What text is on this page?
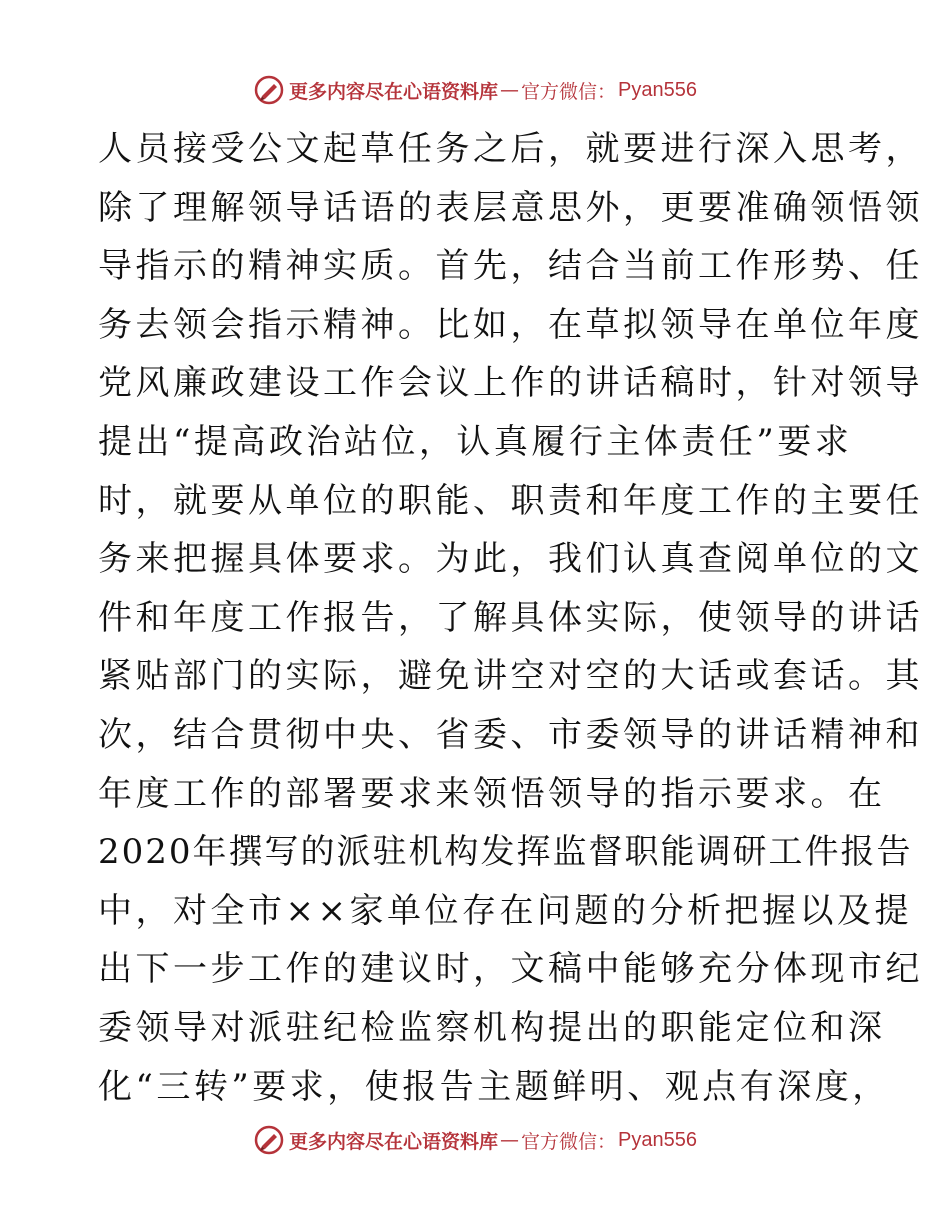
更多内容尽在心语资料库 — 官方微信： Pyan556
人员接受公文起草任务之后，就要进行深入思考，
除了理解领导话语的表层意思外，更要准确领悟领
导指示的精神实质。首先，结合当前工作形势、任
务去领会指示精神。比如，在草拟领导在单位年度
党风廉政建设工作会议上作的讲话稿时，针对领导
提出“提高政治站位，认真履行主体责任”要求
时，就要从单位的职能、职责和年度工作的主要任
务来把握具体要求。为此，我们认真查阅单位的文
件和年度工作报告，了解具体实际，使领导的讲话
紧贴部门的实际，避免讲空对空的大话或套话。其
次，结合贯彻中央、省委、市委领导的讲话精神和
年度工作的部署要求来领悟领导的指示要求。在
2020年撰写的派驻机构发挥监督职能调研工件报告
中，对全市××家单位存在问题的分析把握以及提
出下一步工作的建议时，文稿中能够充分体现市纪
委领导对派驻纪检监察机构提出的职能定位和深
化“三转”要求，使报告主题鲜明、观点有深度，
更多内容尽在心语资料库 — 官方微信： Pyan556
